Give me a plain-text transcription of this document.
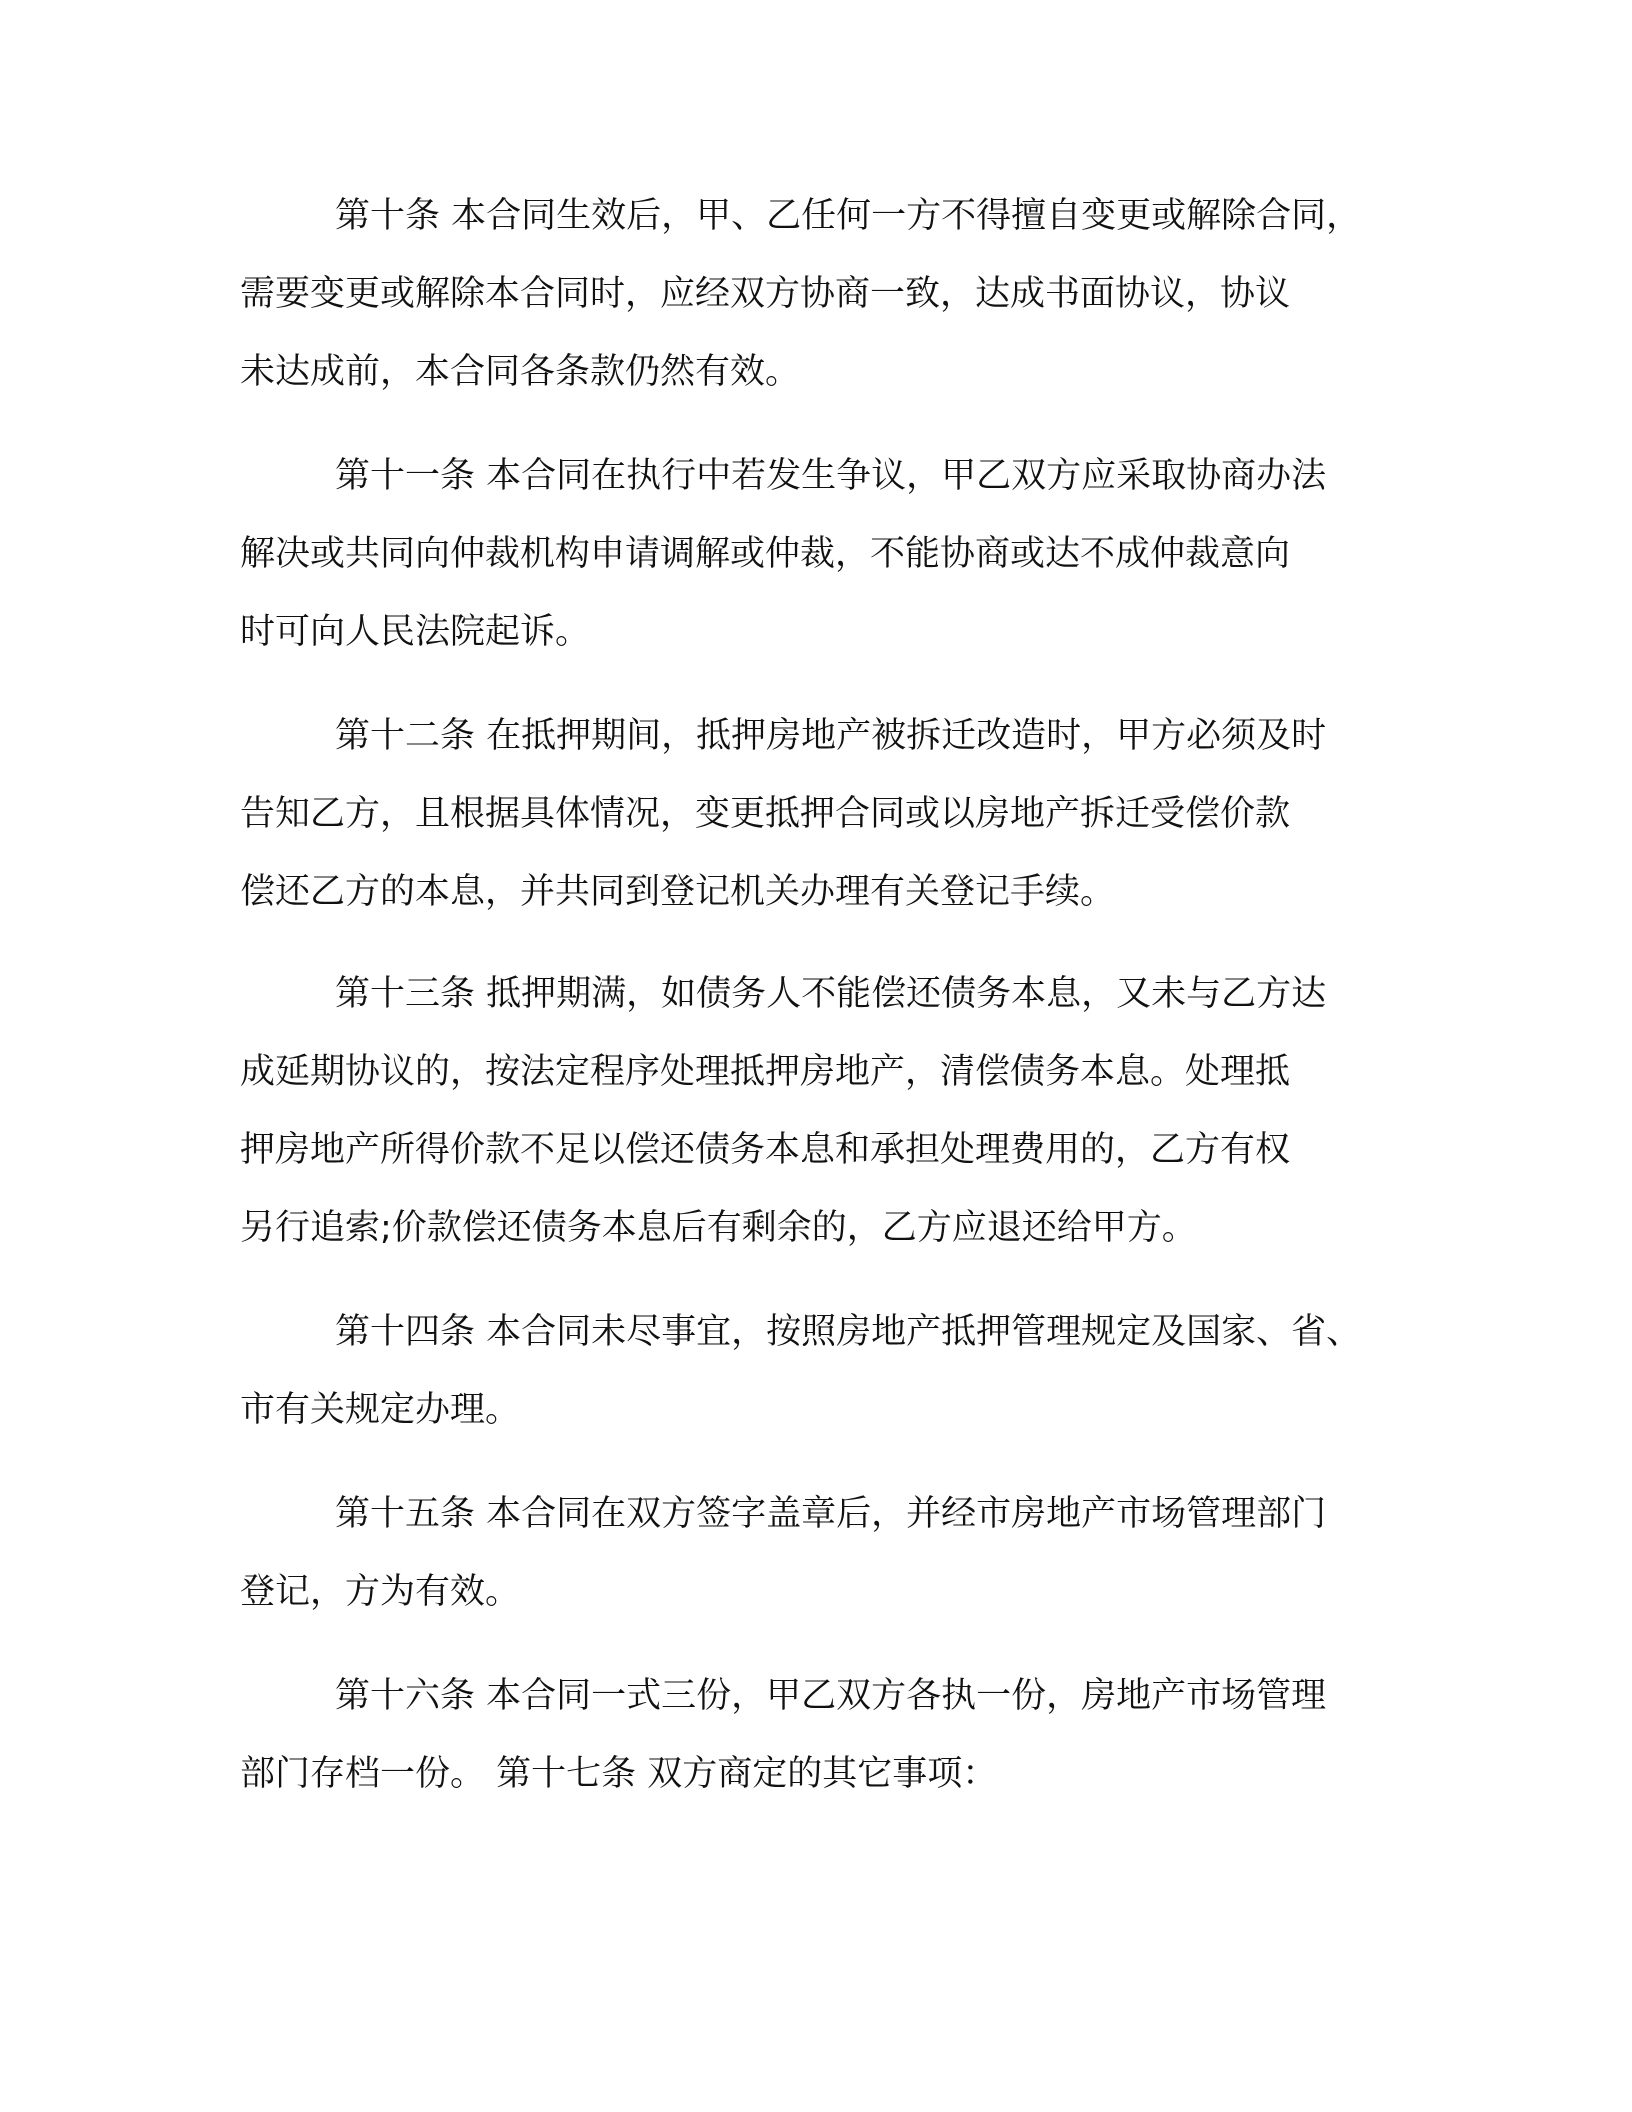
第十条 本合同生效后，甲、乙任何一方不得擅自变更或解除合同，
需要变更或解除本合同时，应经双方协商一致，达成书面协议，协议
未达成前，本合同各条款仍然有效。
第十一条 本合同在执行中若发生争议，甲乙双方应采取协商办法
解决或共同向仲裁机构申请调解或仲裁，不能协商或达不成仲裁意向
时可向人民法院起诉。
第十二条 在抵押期间，抵押房地产被拆迁改造时，甲方必须及时
告知乙方，且根据具体情况，变更抵押合同或以房地产拆迁受偿价款
偿还乙方的本息，并共同到登记机关办理有关登记手续。
第十三条 抵押期满，如债务人不能偿还债务本息，又未与乙方达
成延期协议的，按法定程序处理抵押房地产，清偿债务本息。处理抵
押房地产所得价款不足以偿还债务本息和承担处理费用的，乙方有权
另行追索;价款偿还债务本息后有剩余的，乙方应退还给甲方。
第十四条 本合同未尽事宜，按照房地产抵押管理规定及国家、省、
市有关规定办理。
第十五条 本合同在双方签字盖章后，并经市房地产市场管理部门
登记，方为有效。
第十六条 本合同一式三份，甲乙双方各执一份，房地产市场管理
部门存档一份。 第十七条 双方商定的其它事项：
